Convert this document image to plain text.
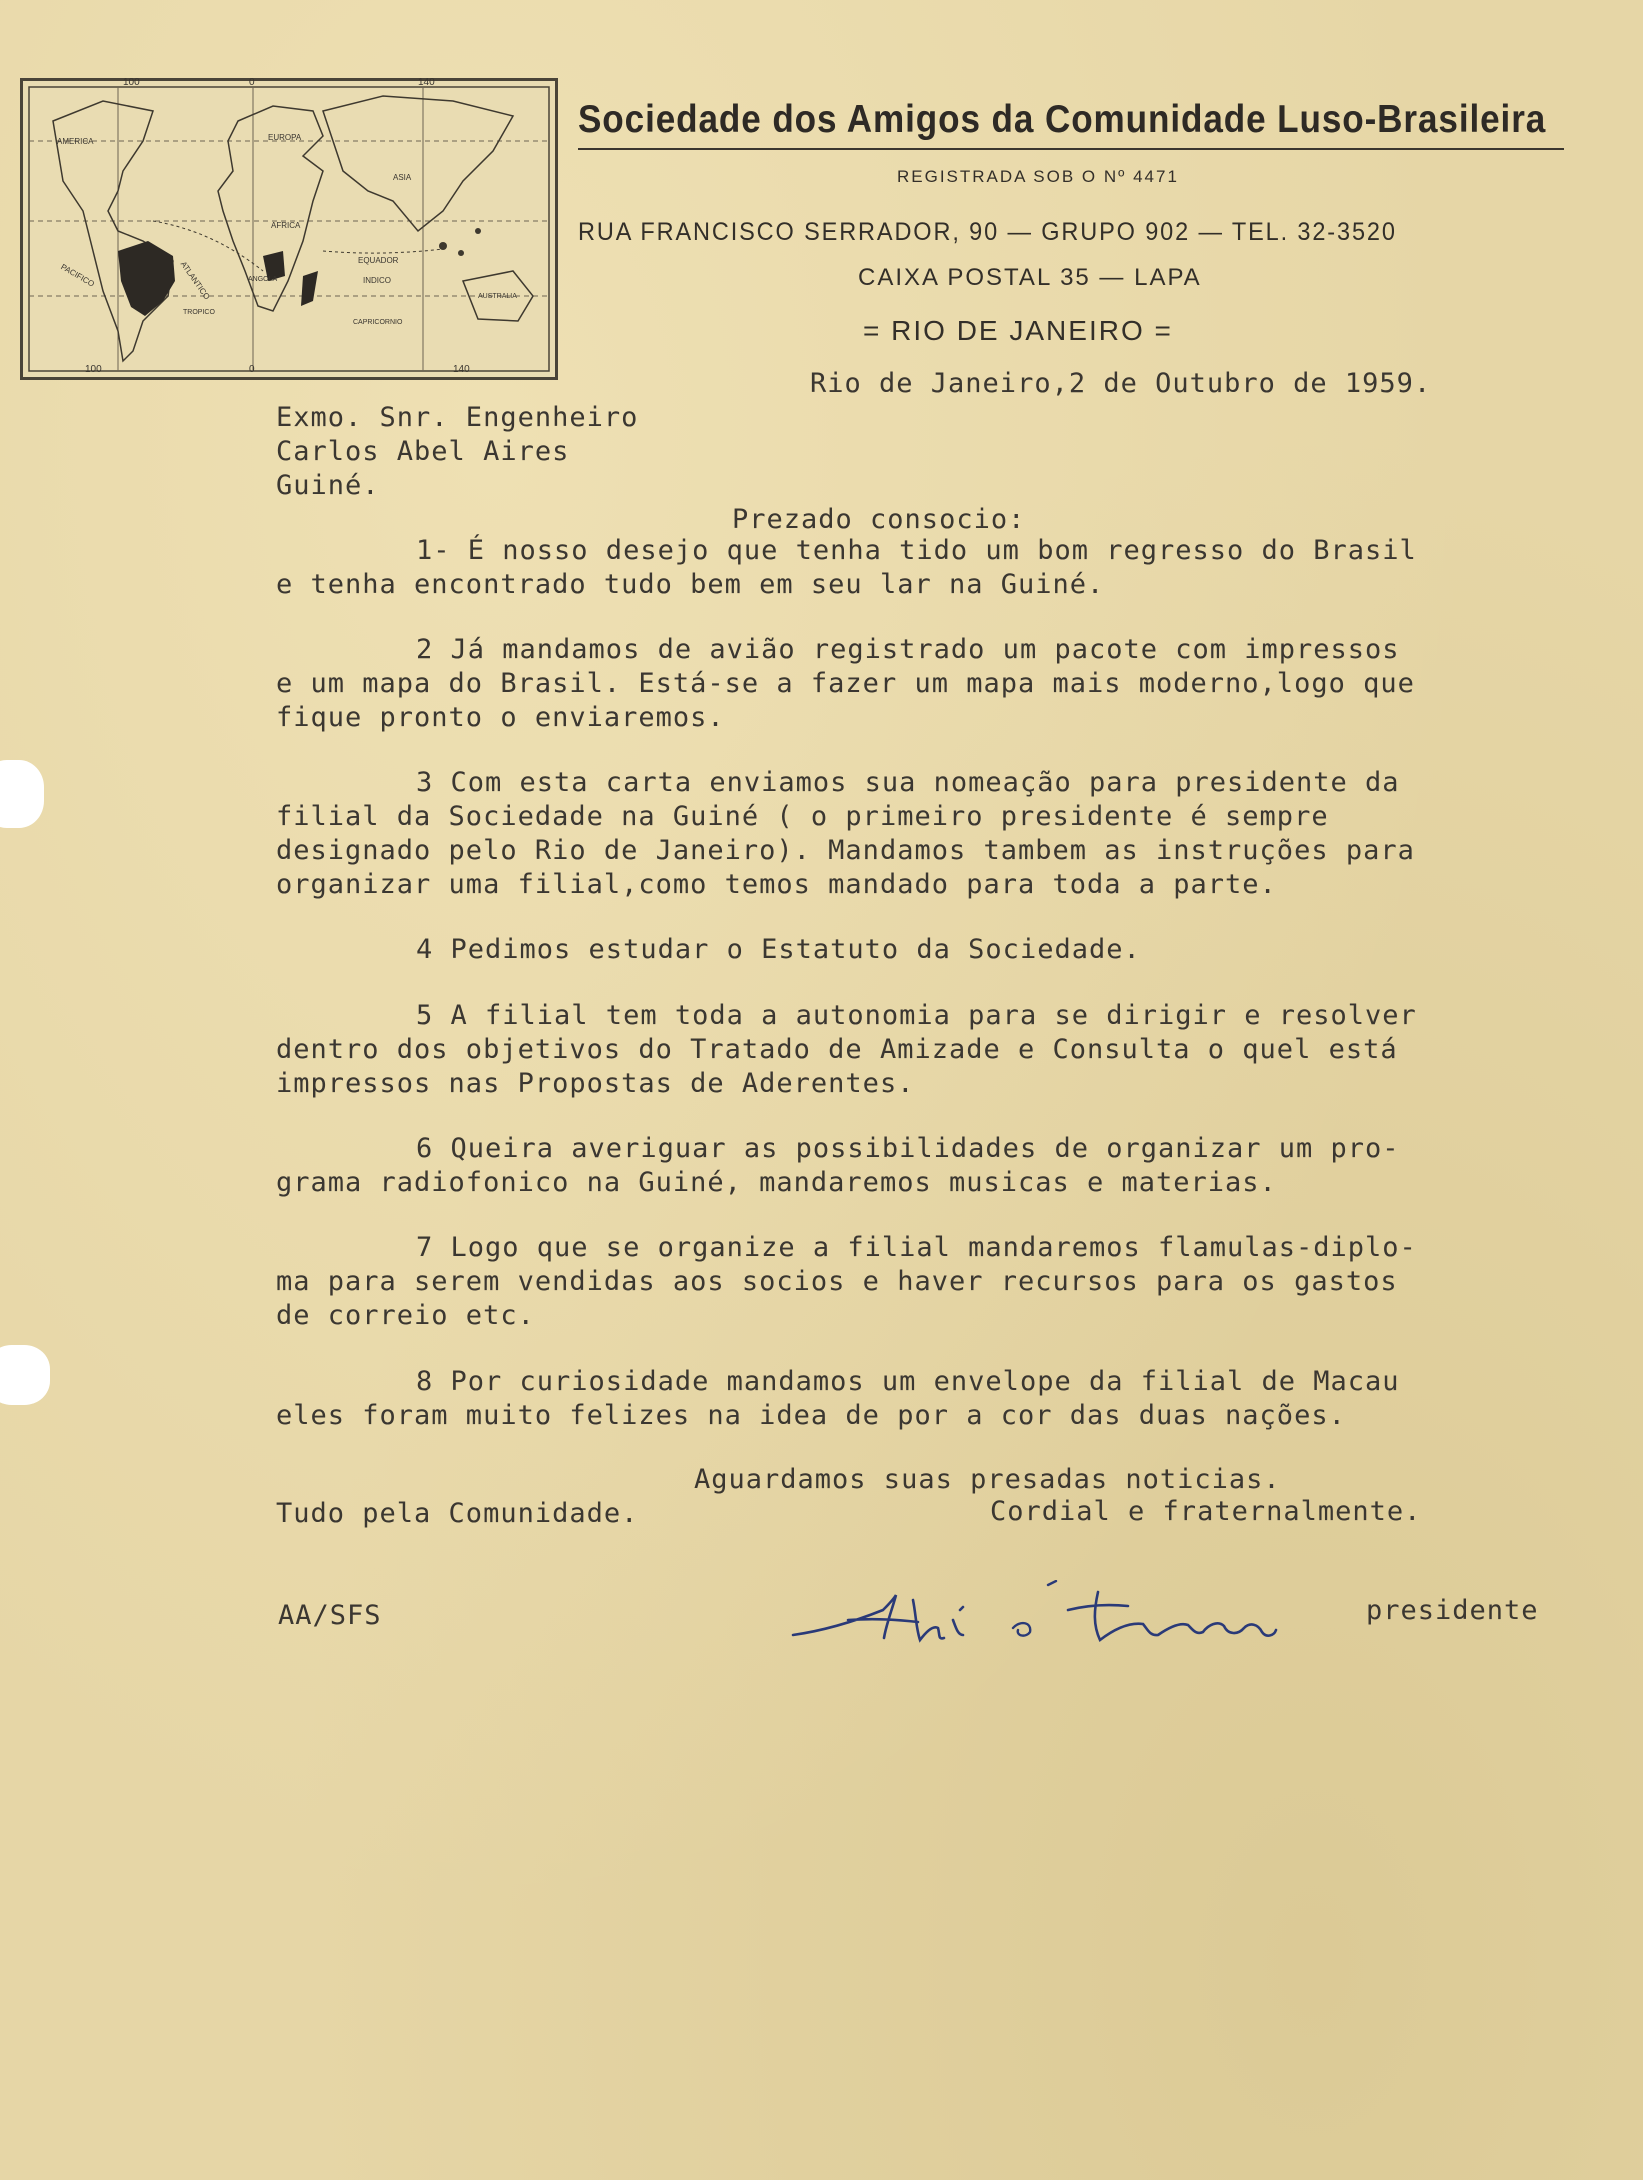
100	0	140
100	0	140
EUROPA
ASIA
AFRICA
AMERICA
ATLANTICO
PACIFICO	INDICO
AUSTRALIA
EQUADOR
ANGOLA
TROPICO
CAPRICORNIO
Sociedade dos Amigos da Comunidade Luso-Brasileira
REGISTRADA SOB O Nº 4471
RUA FRANCISCO SERRADOR, 90 — GRUPO 902 — TEL. 32-3520
CAIXA POSTAL 35 — LAPA
= RIO DE JANEIRO =
Rio de Janeiro,2 de Outubro de 1959.
Exmo. Snr. Engenheiro
Carlos Abel Aires
Guiné.
Prezado consocio:
1- É nosso desejo que tenha tido um bom regresso do Brasil
e tenha encontrado tudo bem em seu lar na Guiné.
2 Já mandamos de avião registrado um pacote com impressos
e um mapa do Brasil. Está-se a fazer um mapa mais moderno,logo que
fique pronto o enviaremos.
3 Com esta carta enviamos sua nomeação para presidente da
filial da Sociedade na Guiné ( o primeiro presidente é sempre
designado pelo Rio de Janeiro). Mandamos tambem as instruções para
organizar uma filial,como temos mandado para toda a parte.
4 Pedimos estudar o Estatuto da Sociedade.
5 A filial tem toda a autonomia para se dirigir e resolver
dentro dos objetivos do Tratado de Amizade e Consulta o quel está
impressos nas Propostas de Aderentes.
6 Queira averiguar as possibilidades de organizar um pro-
grama radiofonico na Guiné, mandaremos musicas e materias.
7 Logo que se organize a filial mandaremos flamulas-diplo-
ma para serem vendidas aos socios e haver recursos para os gastos
de correio etc.
8 Por curiosidade mandamos um envelope da filial de Macau
eles foram muito felizes na idea de por a cor das duas nações.
Aguardamos suas presadas noticias.
Tudo pela Comunidade.	Cordial e fraternalmente.
AA/SFS	presidente
